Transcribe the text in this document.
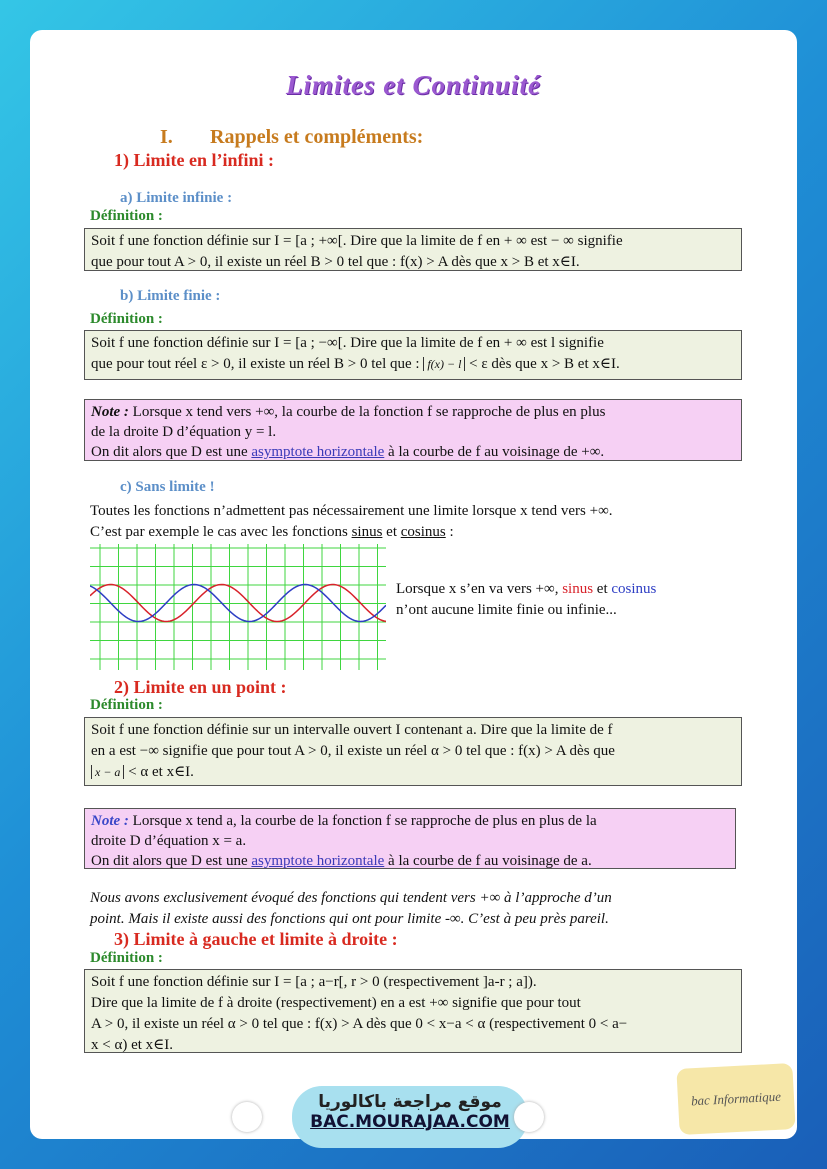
Limites et Continuité
I. Rappels et compléments:
1) Limite en l’infini :
a) Limite infinie :
Définition :
Soit f une fonction définie sur I = [a ; +∞[. Dire que la limite de f en + ∞ est − ∞ signifie
que pour tout A > 0, il existe un réel B > 0 tel que : f(x) > A dès que x > B et x∈I.
b) Limite finie :
Définition :
Soit f une fonction définie sur I = [a ; −∞[. Dire que la limite de f en + ∞ est l signifie
que pour tout réel ε > 0, il existe un réel B > 0 tel que : f(x) − l < ε dès que x > B et x∈I.
Note : Lorsque x tend vers +∞, la courbe de la fonction f se rapproche de plus en plus
de la droite D d’équation y = l.
On dit alors que D est une asymptote horizontale à la courbe de f au voisinage de +∞.
c) Sans limite !
Toutes les fonctions n’admettent pas nécessairement une limite lorsque x tend vers +∞.
C’est par exemple le cas avec les fonctions sinus et cosinus :
Lorsque x s’en va vers +∞, sinus et cosinus
n’ont aucune limite finie ou infinie...
2) Limite en un point :
Définition :
Soit f une fonction définie sur un intervalle ouvert I contenant a. Dire que la limite de f
en a est −∞ signifie que pour tout A > 0, il existe un réel α > 0 tel que : f(x) > A dès que
x − a < α et x∈I.
Note : Lorsque x tend a, la courbe de la fonction f se rapproche de plus en plus de la
droite D d’équation x = a.
On dit alors que D est une asymptote horizontale à la courbe de f au voisinage de a.
Nous avons exclusivement évoqué des fonctions qui tendent vers +∞ à l’approche d’un
point. Mais il existe aussi des fonctions qui ont pour limite -∞. C’est à peu près pareil.
3) Limite à gauche et limite à droite :
Définition :
Soit f une fonction définie sur I = [a ; a−r[, r > 0 (respectivement ]a-r ; a]).
Dire que la limite de f à droite (respectivement) en a est +∞ signifie que pour tout
A > 0, il existe un réel α > 0 tel que : f(x) > A dès que 0 < x−a < α (respectivement 0 < a−
x < α) et x∈I.
موقع مراجعة باكالوريا
BAC.MOURAJAA.COM
bac Informatique
